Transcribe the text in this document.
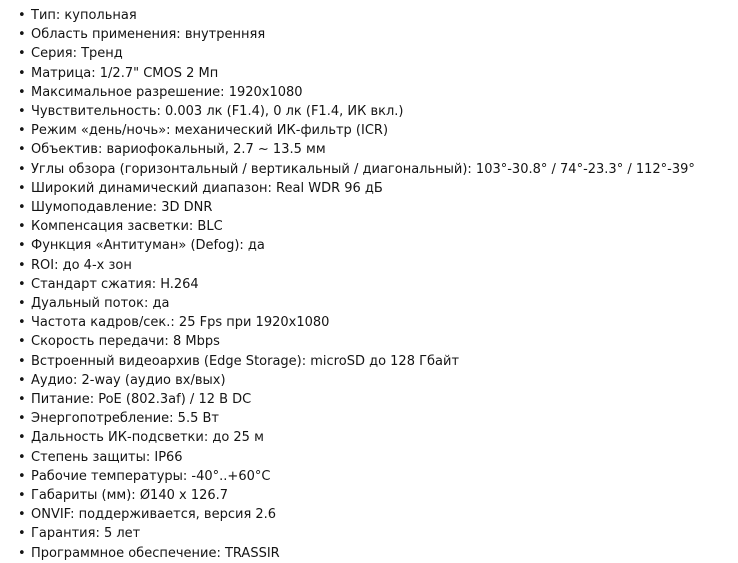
• Тип: купольная
• Область применения: внутренняя
• Серия: Тренд
• Матрица: 1/2.7" CMOS 2 Мп
• Максимальное разрешение: 1920x1080
• Чувствительность: 0.003 лк (F1.4), 0 лк (F1.4, ИК вкл.)
• Режим «день/ночь»: механический ИК-фильтр (ICR)
• Объектив: вариофокальный, 2.7 ~ 13.5 мм
• Углы обзора (горизонтальный / вертикальный / диагональный): 103°-30.8° / 74°-23.3° / 112°-39°
• Широкий динамический диапазон: Real WDR 96 дБ
• Шумоподавление: 3D DNR
• Компенсация засветки: BLC
• Функция «Антитуман» (Defog): да
• ROI: до 4-х зон
• Стандарт сжатия: H.264
• Дуальный поток: да
• Частота кадров/сек.: 25 Fps при 1920x1080
• Скорость передачи: 8 Mbps
• Встроенный видеоархив (Edge Storage): microSD до 128 Гбайт
• Аудио: 2-way (аудио вх/вых)
• Питание: PoE (802.3af) / 12 В DC
• Энергопотребление: 5.5 Вт
• Дальность ИК-подсветки: до 25 м
• Степень защиты: IP66
• Рабочие температуры: -40°..+60°C
• Габариты (мм): Ø140 x 126.7
• ONVIF: поддерживается, версия 2.6
• Гарантия: 5 лет
• Программное обеспечение: TRASSIR
